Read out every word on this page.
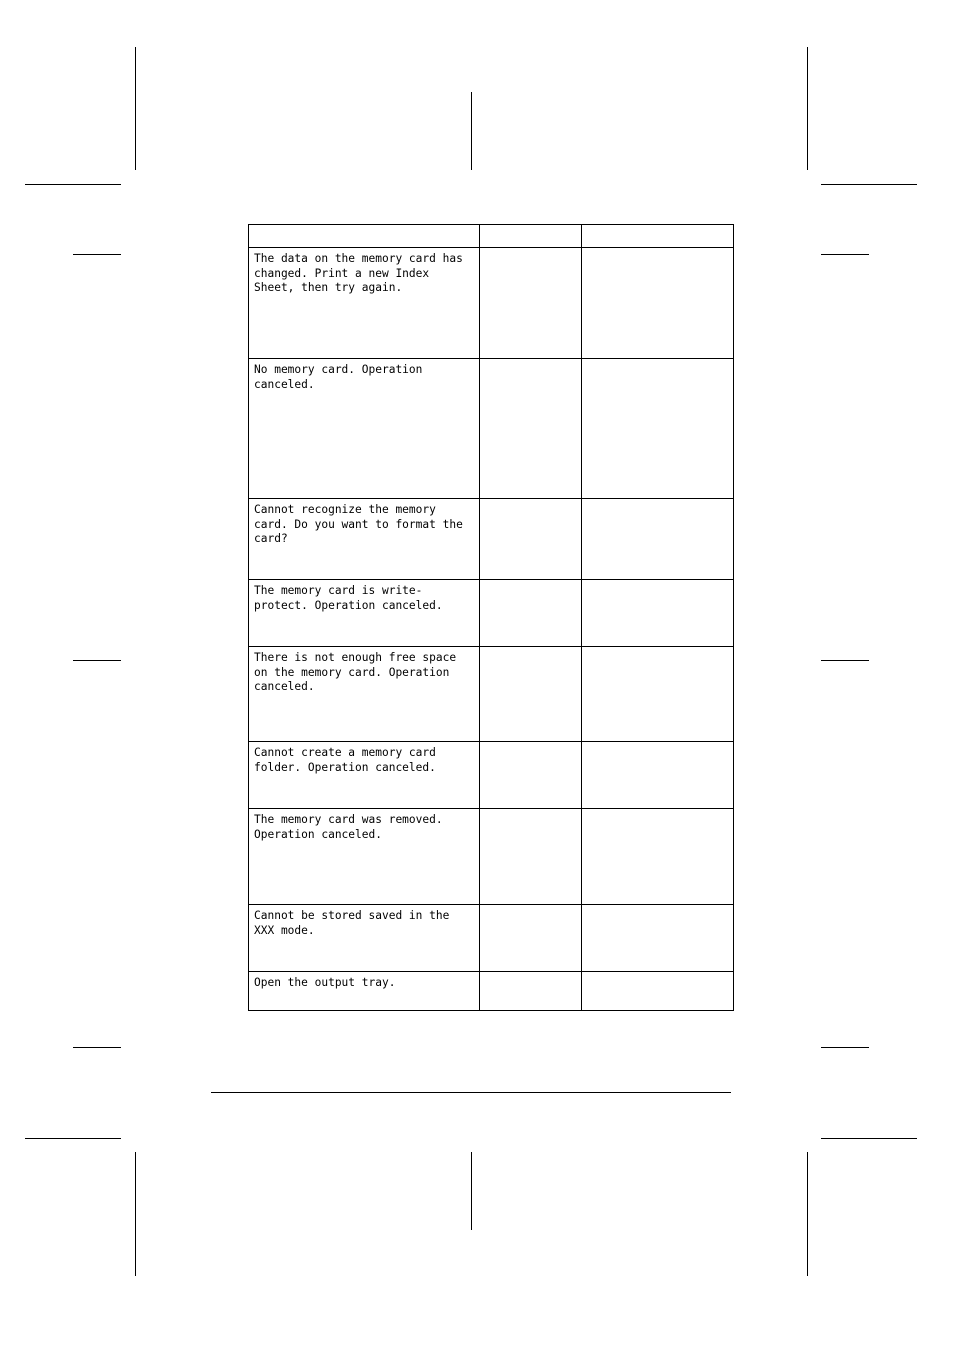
The data on the memory card has changed. Print a new Index Sheet, then try again.		

No memory card. Operation canceled.		

Cannot recognize the memory card. Do you want to format the card?		

The memory card is write-protect. Operation canceled.		

There is not enough free space on the memory card. Operation canceled.		

Cannot create a memory card folder. Operation canceled.		

The memory card was removed. Operation canceled.		

Cannot be stored saved in the XXX mode.		

Open the output tray.		
